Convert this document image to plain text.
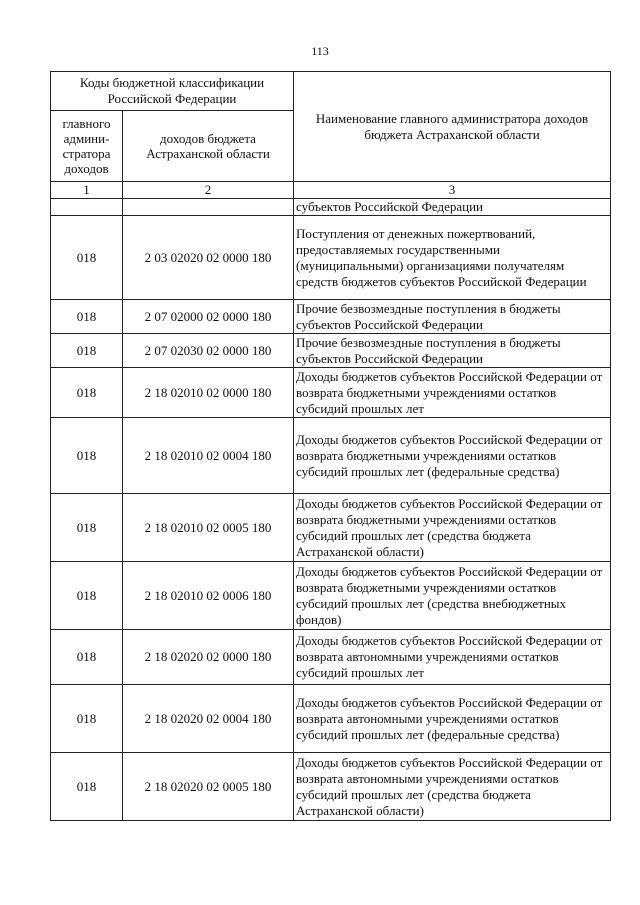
113
Коды бюджетной классификации Российской Федерации		Наименование главного администратора доходов бюджета Астраханской области
главного админи-стратора доходов	доходов бюджета Астраханской области	
1	2	3
		субъектов Российской Федерации
018	2 03 02020 02 0000 180	Поступления от денежных пожертвований, предоставляемых государственными (муниципальными) организациями получателям средств бюджетов субъектов Российской Федерации
018	2 07 02000 02 0000 180	Прочие безвозмездные поступления в бюджеты субъектов Российской Федерации
018	2 07 02030 02 0000 180	Прочие безвозмездные поступления в бюджеты субъектов Российской Федерации
018	2 18 02010 02 0000 180	Доходы бюджетов субъектов Российской Федерации от возврата бюджетными учреждениями остатков субсидий прошлых лет
018	2 18 02010 02 0004 180	Доходы бюджетов субъектов Российской Федерации от возврата бюджетными учреждениями остатков субсидий прошлых лет (федеральные средства)
018	2 18 02010 02 0005 180	Доходы бюджетов субъектов Российской Федерации от возврата бюджетными учреждениями остатков субсидий прошлых лет (средства бюджета Астраханской области)
018	2 18 02010 02 0006 180	Доходы бюджетов субъектов Российской Федерации от возврата бюджетными учреждениями остатков субсидий прошлых лет (средства внебюджетных фондов)
018	2 18 02020 02 0000 180	Доходы бюджетов субъектов Российской Федерации от возврата автономными учреждениями остатков субсидий прошлых лет
018	2 18 02020 02 0004 180	Доходы бюджетов субъектов Российской Федерации от возврата автономными учреждениями остатков субсидий прошлых лет (федеральные средства)
018	2 18 02020 02 0005 180	Доходы бюджетов субъектов Российской Федерации от возврата автономными учреждениями остатков субсидий прошлых лет (средства бюджета Астраханской области)
